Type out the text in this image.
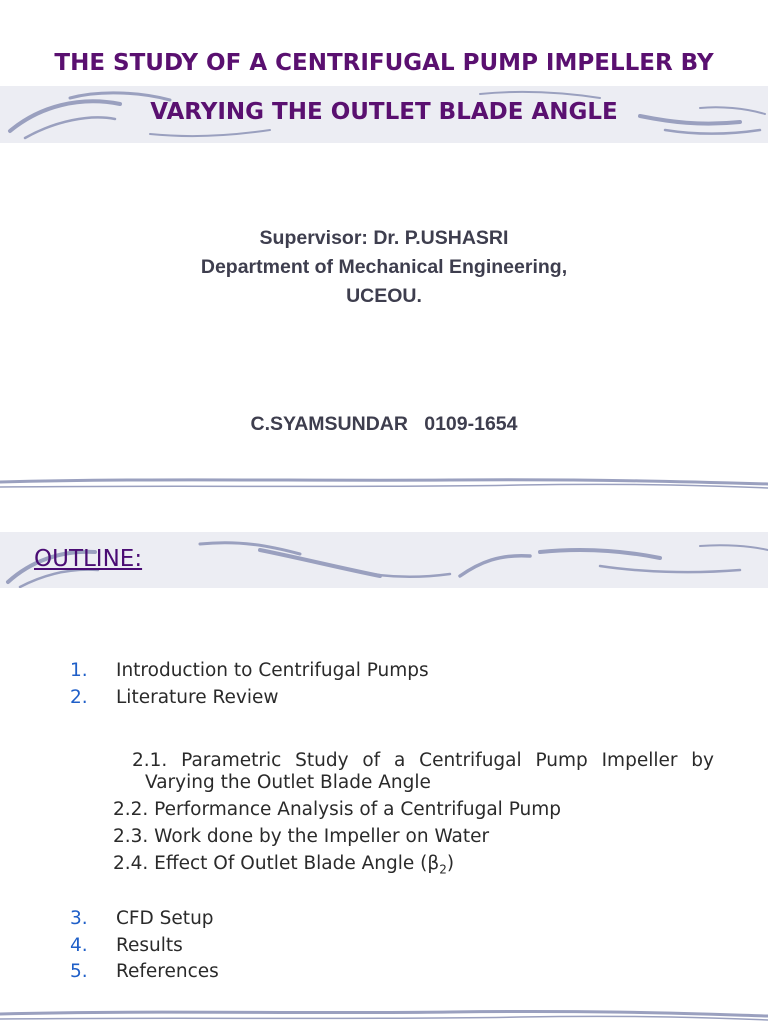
THE STUDY OF A CENTRIFUGAL PUMP IMPELLER BY
VARYING THE OUTLET BLADE ANGLE
Supervisor: Dr. P.USHASRI
Department of Mechanical Engineering,
UCEOU.
C.SYAMSUNDAR   0109-1654
OUTLINE:
1. Introduction to Centrifugal Pumps
2. Literature Review
2.1. Parametric Study of a Centrifugal Pump Impeller by
Varying the Outlet Blade Angle
2.2. Performance Analysis of a Centrifugal Pump
2.3. Work done by the Impeller on Water
2.4. Effect Of Outlet Blade Angle $(\beta_2)$
3. CFD Setup
4. Results
5. References
